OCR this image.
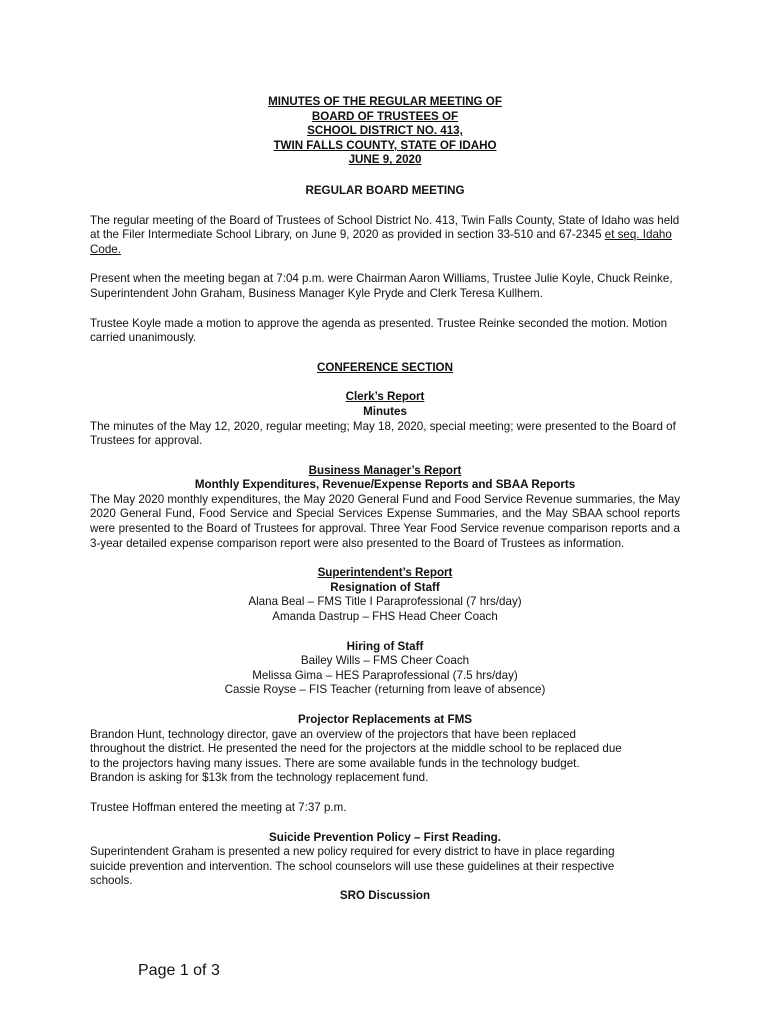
MINUTES OF THE REGULAR MEETING OF
BOARD OF TRUSTEES OF
SCHOOL DISTRICT NO. 413,
TWIN FALLS COUNTY, STATE OF IDAHO
JUNE 9, 2020

REGULAR BOARD MEETING

The regular meeting of the Board of Trustees of School District No. 413, Twin Falls County, State of Idaho was held at the Filer Intermediate School Library, on June 9, 2020 as provided in section 33-510 and 67-2345 et seq. Idaho Code.

Present when the meeting began at 7:04 p.m. were Chairman Aaron Williams, Trustee Julie Koyle, Chuck Reinke, Superintendent John Graham, Business Manager Kyle Pryde and Clerk Teresa Kullhem.

Trustee Koyle made a motion to approve the agenda as presented. Trustee Reinke seconded the motion. Motion carried unanimously.

CONFERENCE SECTION

Clerk’s Report

Minutes

The minutes of the May 12, 2020, regular meeting; May 18, 2020, special meeting; were presented to the Board of Trustees for approval.

Business Manager’s Report

Monthly Expenditures, Revenue/Expense Reports and SBAA Reports

The May 2020 monthly expenditures, the May 2020 General Fund and Food Service Revenue summaries, the May 2020 General Fund, Food Service and Special Services Expense Summaries, and the May SBAA school reports were presented to the Board of Trustees for approval. Three Year Food Service revenue comparison reports and a 3-year detailed expense comparison report were also presented to the Board of Trustees as information.

Superintendent’s Report

Resignation of Staff

Alana Beal – FMS Title I Paraprofessional (7 hrs/day)

Amanda Dastrup – FHS Head Cheer Coach

Hiring of Staff

Bailey Wills – FMS Cheer Coach

Melissa Gima – HES Paraprofessional (7.5 hrs/day)

Cassie Royse – FIS Teacher (returning from leave of absence)

Projector Replacements at FMS

Brandon Hunt, technology director, gave an overview of the projectors that have been replaced

throughout the district. He presented the need for the projectors at the middle school to be replaced due

to the projectors having many issues. There are some available funds in the technology budget.

Brandon is asking for $13k from the technology replacement fund.

Trustee Hoffman entered the meeting at 7:37 p.m.

Suicide Prevention Policy – First Reading.

Superintendent Graham is presented a new policy required for every district to have in place regarding

suicide prevention and intervention. The school counselors will use these guidelines at their respective

schools.

SRO Discussion

Page 1 of 3
